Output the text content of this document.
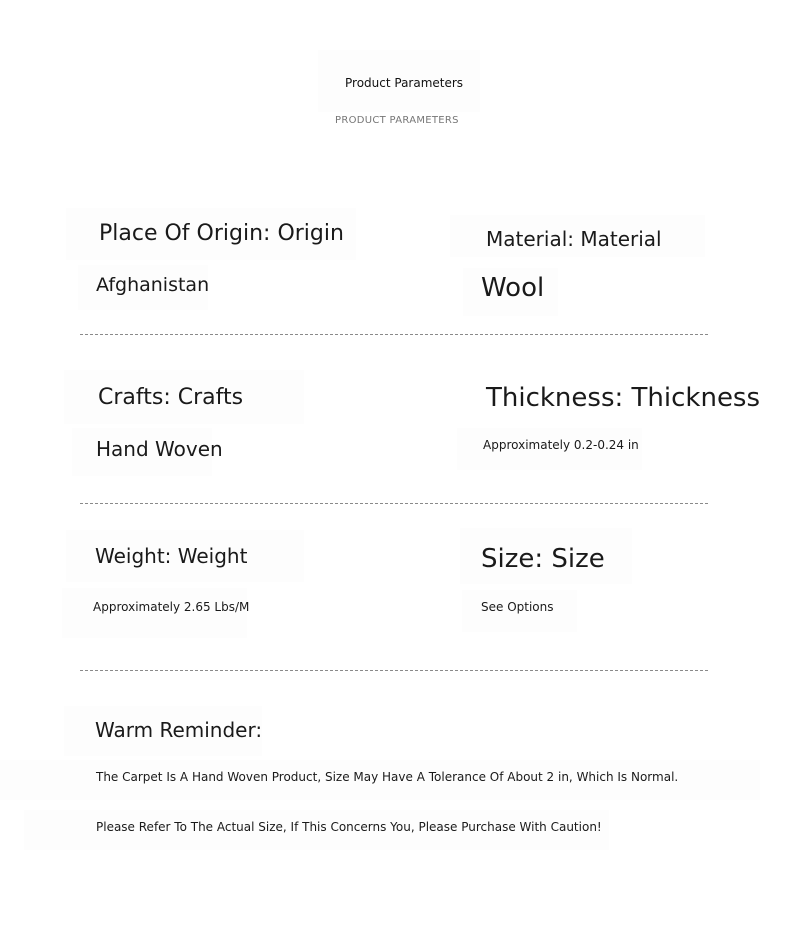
Product Parameters
PRODUCT PARAMETERS
Place Of Origin: Origin
Afghanistan
Material: Material
Wool
Crafts: Crafts
Hand Woven
Thickness: Thickness
Approximately 0.2-0.24 in
Weight: Weight
Approximately 2.65 Lbs/M
Size: Size
See Options
Warm Reminder:
The Carpet Is A Hand Woven Product, Size May Have A Tolerance Of About 2 in, Which Is Normal.
Please Refer To The Actual Size, If This Concerns You, Please Purchase With Caution!
